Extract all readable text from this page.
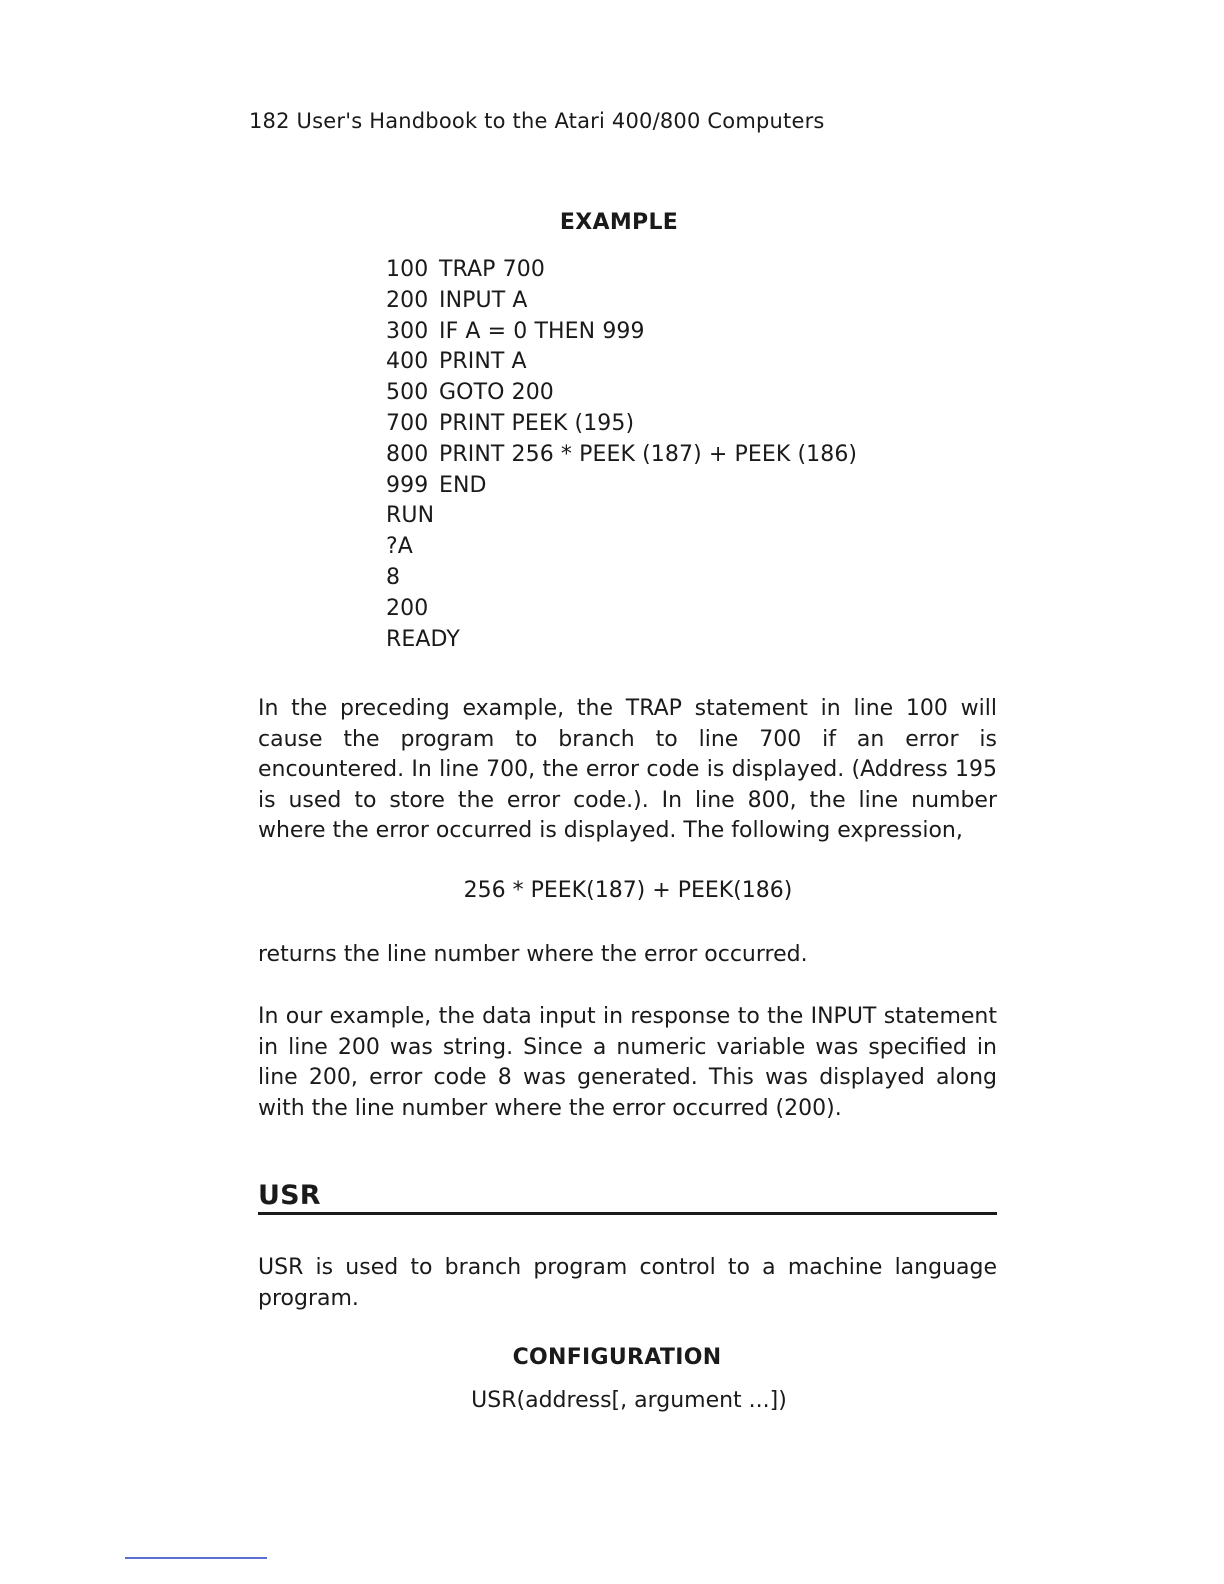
182 User's Handbook to the Atari 400/800 Computers
EXAMPLE
100 TRAP 700
200 INPUT A
300 IF A = 0 THEN 999
400 PRINT A
500 GOTO 200
700 PRINT PEEK (195)
800 PRINT 256 * PEEK (187) + PEEK (186)
999 END
RUN
?A
8
200
READY

In the preceding example, the TRAP statement in line 100 will cause the program to branch to line 700 if an error is encountered. In line 700, the error code is displayed. (Address 195 is used to store the error code.). In line 800, the line number where the error occurred is displayed. The following expression,

256 * PEEK(187) + PEEK(186)

returns the line number where the error occurred.

In our example, the data input in response to the INPUT statement in line 200 was string. Since a numeric variable was specified in line 200, error code 8 was generated. This was displayed along with the line number where the error occurred (200).

USR

USR is used to branch program control to a machine language program.

CONFIGURATION
USR(address[, argument ...])
